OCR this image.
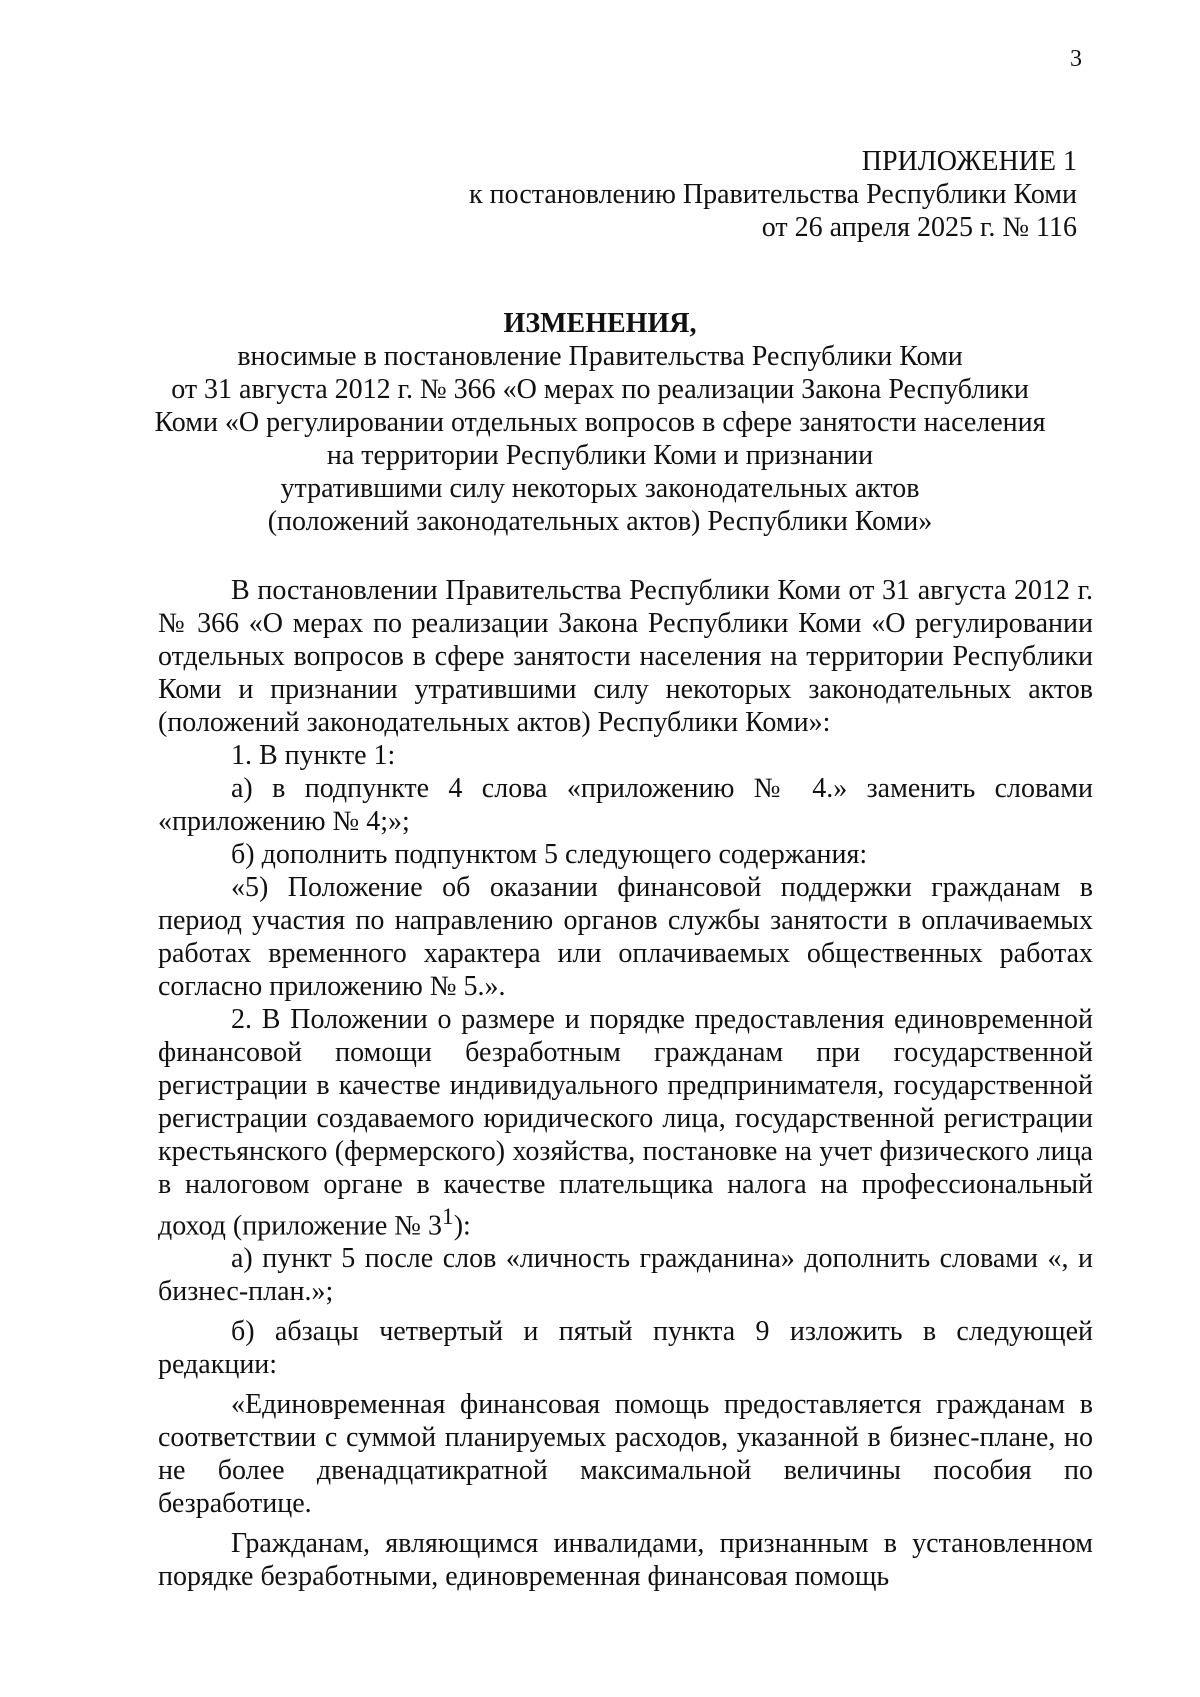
3
ПРИЛОЖЕНИЕ 1
к постановлению Правительства Республики Коми
от 26 апреля 2025 г. № 116
ИЗМЕНЕНИЯ,
вносимые в постановление Правительства Республики Коми
от 31 августа 2012 г. № 366 «О мерах по реализации Закона Республики
Коми «О регулировании отдельных вопросов в сфере занятости населения
на территории Республики Коми и признании
утратившими силу некоторых законодательных актов
(положений законодательных актов) Республики Коми»

В постановлении Правительства Республики Коми от 31 августа 2012 г. № 366 «О мерах по реализации Закона Республики Коми «О регулировании отдельных вопросов в сфере занятости населения на территории Республики Коми и признании утратившими силу некоторых законодательных актов (положений законодательных актов) Республики Коми»:

1. В пункте 1:

а) в подпункте 4 слова «приложению № 4.» заменить словами «приложению № 4;»;

б) дополнить подпунктом 5 следующего содержания:

«5) Положение об оказании финансовой поддержки гражданам в период участия по направлению органов службы занятости в оплачиваемых работах временного характера или оплачиваемых общественных работах согласно приложению № 5.».

2. В Положении о размере и порядке предоставления единовременной финансовой помощи безработным гражданам при государственной регистрации в качестве индивидуального предпринимателя, государственной регистрации создаваемого юридического лица, государственной регистрации крестьянского (фермерского) хозяйства, постановке на учет физического лица в налоговом органе в качестве плательщика налога на профессиональный доход (приложение № $3^1$):

а) пункт 5 после слов «личность гражданина» дополнить словами «, и бизнес-план.»;

б) абзацы четвертый и пятый пункта 9 изложить в следующей редакции:

«Единовременная финансовая помощь предоставляется гражданам в соответствии с суммой планируемых расходов, указанной в бизнес-плане, но не более двенадцатикратной максимальной величины пособия по безработице.

Гражданам, являющимся инвалидами, признанным в установленном порядке безработными, единовременная финансовая помощь
